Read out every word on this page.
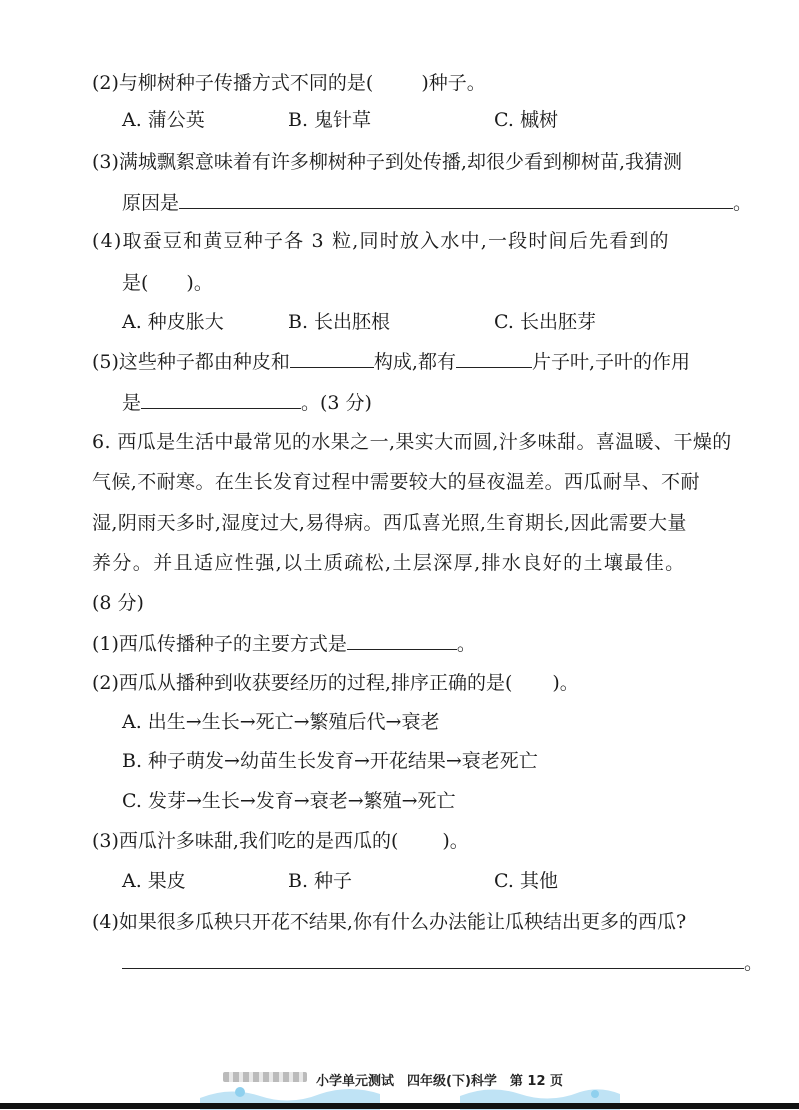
(2)与柳树种子传播方式不同的是(	)种子。
A. 蒲公英	B. 鬼针草	C. 槭树
(3)满城飘絮意味着有许多柳树种子到处传播,却很少看到柳树苗,我猜测
原因是	。
(4)取蚕豆和黄豆种子各 3 粒,同时放入水中,一段时间后先看到的
是( )。
A. 种皮胀大	B. 长出胚根	C. 长出胚芽
(5)这些种子都由种皮和	构成,都有	片子叶,子叶的作用
是	。(3 分)
6. 西瓜是生活中最常见的水果之一,果实大而圆,汁多味甜。喜温暖、干燥的
气候,不耐寒。在生长发育过程中需要较大的昼夜温差。西瓜耐旱、不耐
湿,阴雨天多时,湿度过大,易得病。西瓜喜光照,生育期长,因此需要大量
养分。并且适应性强,以土质疏松,土层深厚,排水良好的土壤最佳。
(8 分)
(1)西瓜传播种子的主要方式是	。
(2)西瓜从播种到收获要经历的过程,排序正确的是( )。
A. 出生→生长→死亡→繁殖后代→衰老
B. 种子萌发→幼苗生长发育→开花结果→衰老死亡
C. 发芽→生长→发育→衰老→繁殖→死亡
(3)西瓜汁多味甜,我们吃的是西瓜的( )。
A. 果皮	B. 种子	C. 其他
(4)如果很多瓜秧只开花不结果,你有什么办法能让瓜秧结出更多的西瓜?
。
小学单元测试　四年级(下)科学　第 12 页
